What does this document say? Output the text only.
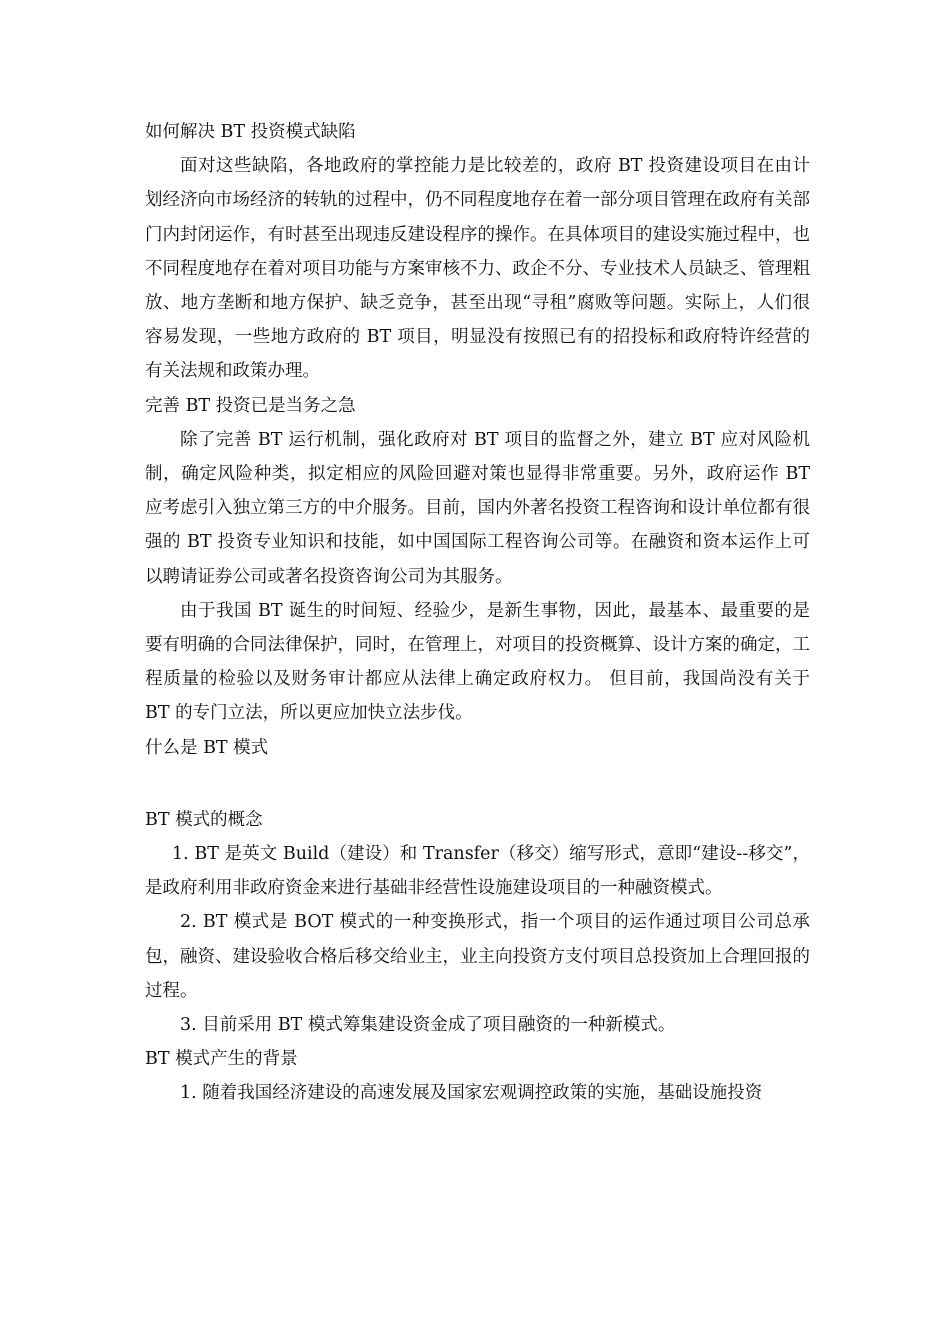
如何解决 BT 投资模式缺陷

面对这些缺陷，各地政府的掌控能力是比较差的，政府 BT 投资建设项目在由计划经济向市场经济的转轨的过程中，仍不同程度地存在着一部分项目管理在政府有关部门内封闭运作，有时甚至出现违反建设程序的操作。在具体项目的建设实施过程中，也不同程度地存在着对项目功能与方案审核不力、政企不分、专业技术人员缺乏、管理粗放、地方垄断和地方保护、缺乏竞争，甚至出现“寻租”腐败等问题。实际上，人们很容易发现，一些地方政府的 BT 项目，明显没有按照已有的招投标和政府特许经营的有关法规和政策办理。

完善 BT 投资已是当务之急

除了完善 BT 运行机制，强化政府对 BT 项目的监督之外，建立 BT 应对风险机制，确定风险种类，拟定相应的风险回避对策也显得非常重要。另外，政府运作 BT 应考虑引入独立第三方的中介服务。目前，国内外著名投资工程咨询和设计单位都有很强的 BT 投资专业知识和技能，如中国国际工程咨询公司等。在融资和资本运作上可以聘请证券公司或著名投资咨询公司为其服务。

由于我国 BT 诞生的时间短、经验少，是新生事物，因此，最基本、最重要的是要有明确的合同法律保护，同时，在管理上，对项目的投资概算、设计方案的确定，工程质量的检验以及财务审计都应从法律上确定政府权力。 但目前，我国尚没有关于 BT 的专门立法，所以更应加快立法步伐。

什么是 BT 模式

BT 模式的概念

1. BT 是英文 Build（建设）和 Transfer（移交）缩写形式，意即“建设--移交”，是政府利用非政府资金来进行基础非经营性设施建设项目的一种融资模式。

2. BT 模式是 BOT 模式的一种变换形式，指一个项目的运作通过项目公司总承包，融资、建设验收合格后移交给业主，业主向投资方支付项目总投资加上合理回报的过程。

3. 目前采用 BT 模式筹集建设资金成了项目融资的一种新模式。

BT 模式产生的背景

1. 随着我国经济建设的高速发展及国家宏观调控政策的实施，基础设施投资
